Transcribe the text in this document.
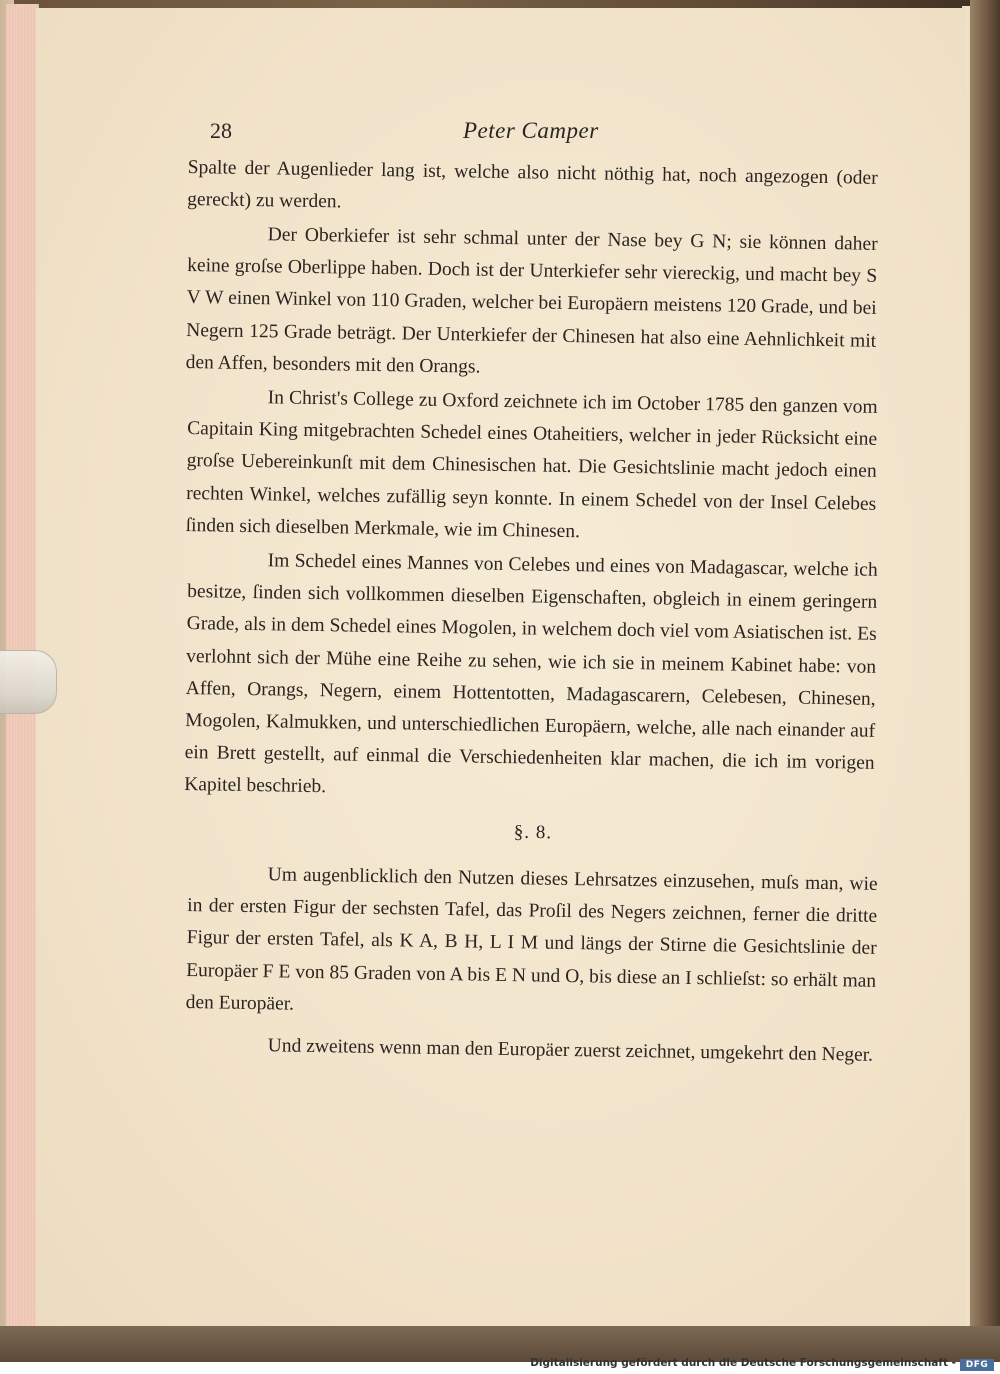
28	Peter Camper

Spalte der Augenlieder lang ist, welche also nicht nöthig hat, noch angezogen (oder gereckt) zu werden.

Der Oberkiefer ist sehr schmal unter der Nase bey G N; sie können daher keine groſse Oberlippe haben. Doch ist der Unterkiefer sehr viereckig, und macht bey S V W einen Winkel von 110 Graden, welcher bei Europäern meistens 120 Grade, und bei Negern 125 Grade beträgt. Der Unterkiefer der Chinesen hat also eine Aehnlichkeit mit den Affen, besonders mit den Orangs.

In Christ's College zu Oxford zeichnete ich im October 1785 den ganzen vom Capitain King mitgebrachten Schedel eines Otaheitiers, welcher in jeder Rücksicht eine groſse Uebereinkunſt mit dem Chinesischen hat. Die Gesichtslinie macht jedoch einen rechten Winkel, welches zufällig seyn konnte. In einem Schedel von der Insel Celebes ſinden sich dieselben Merkmale, wie im Chinesen.

Im Schedel eines Mannes von Celebes und eines von Madagascar, welche ich besitze, ſinden sich vollkommen dieselben Eigenschaften, obgleich in einem geringern Grade, als in dem Schedel eines Mogolen, in welchem doch viel vom Asiatischen ist. Es verlohnt sich der Mühe eine Reihe zu sehen, wie ich sie in meinem Kabinet habe: von Affen, Orangs, Negern, einem Hottentotten, Madagascarern, Celebesen, Chinesen, Mogolen, Kalmukken, und unterschiedlichen Europäern, welche, alle nach einander auf ein Brett gestellt, auf einmal die Verschiedenheiten klar machen, die ich im vorigen Kapitel beschrieb.

§. 8.

Um augenblicklich den Nutzen dieses Lehrsatzes einzusehen, muſs man, wie in der ersten Figur der sechsten Tafel, das Proſil des Negers zeichnen, ferner die dritte Figur der ersten Tafel, als K A, B H, L I M und längs der Stirne die Gesichtslinie der Europäer F E von 85 Graden von A bis E N und O, bis diese an I schlieſst: so erhält man den Europäer.

Und zweitens wenn man den Europäer zuerst zeichnet, umgekehrt den Neger.

Digitalisierung gefördert durch die Deutsche Forschungsgemeinschaft -	DFG
